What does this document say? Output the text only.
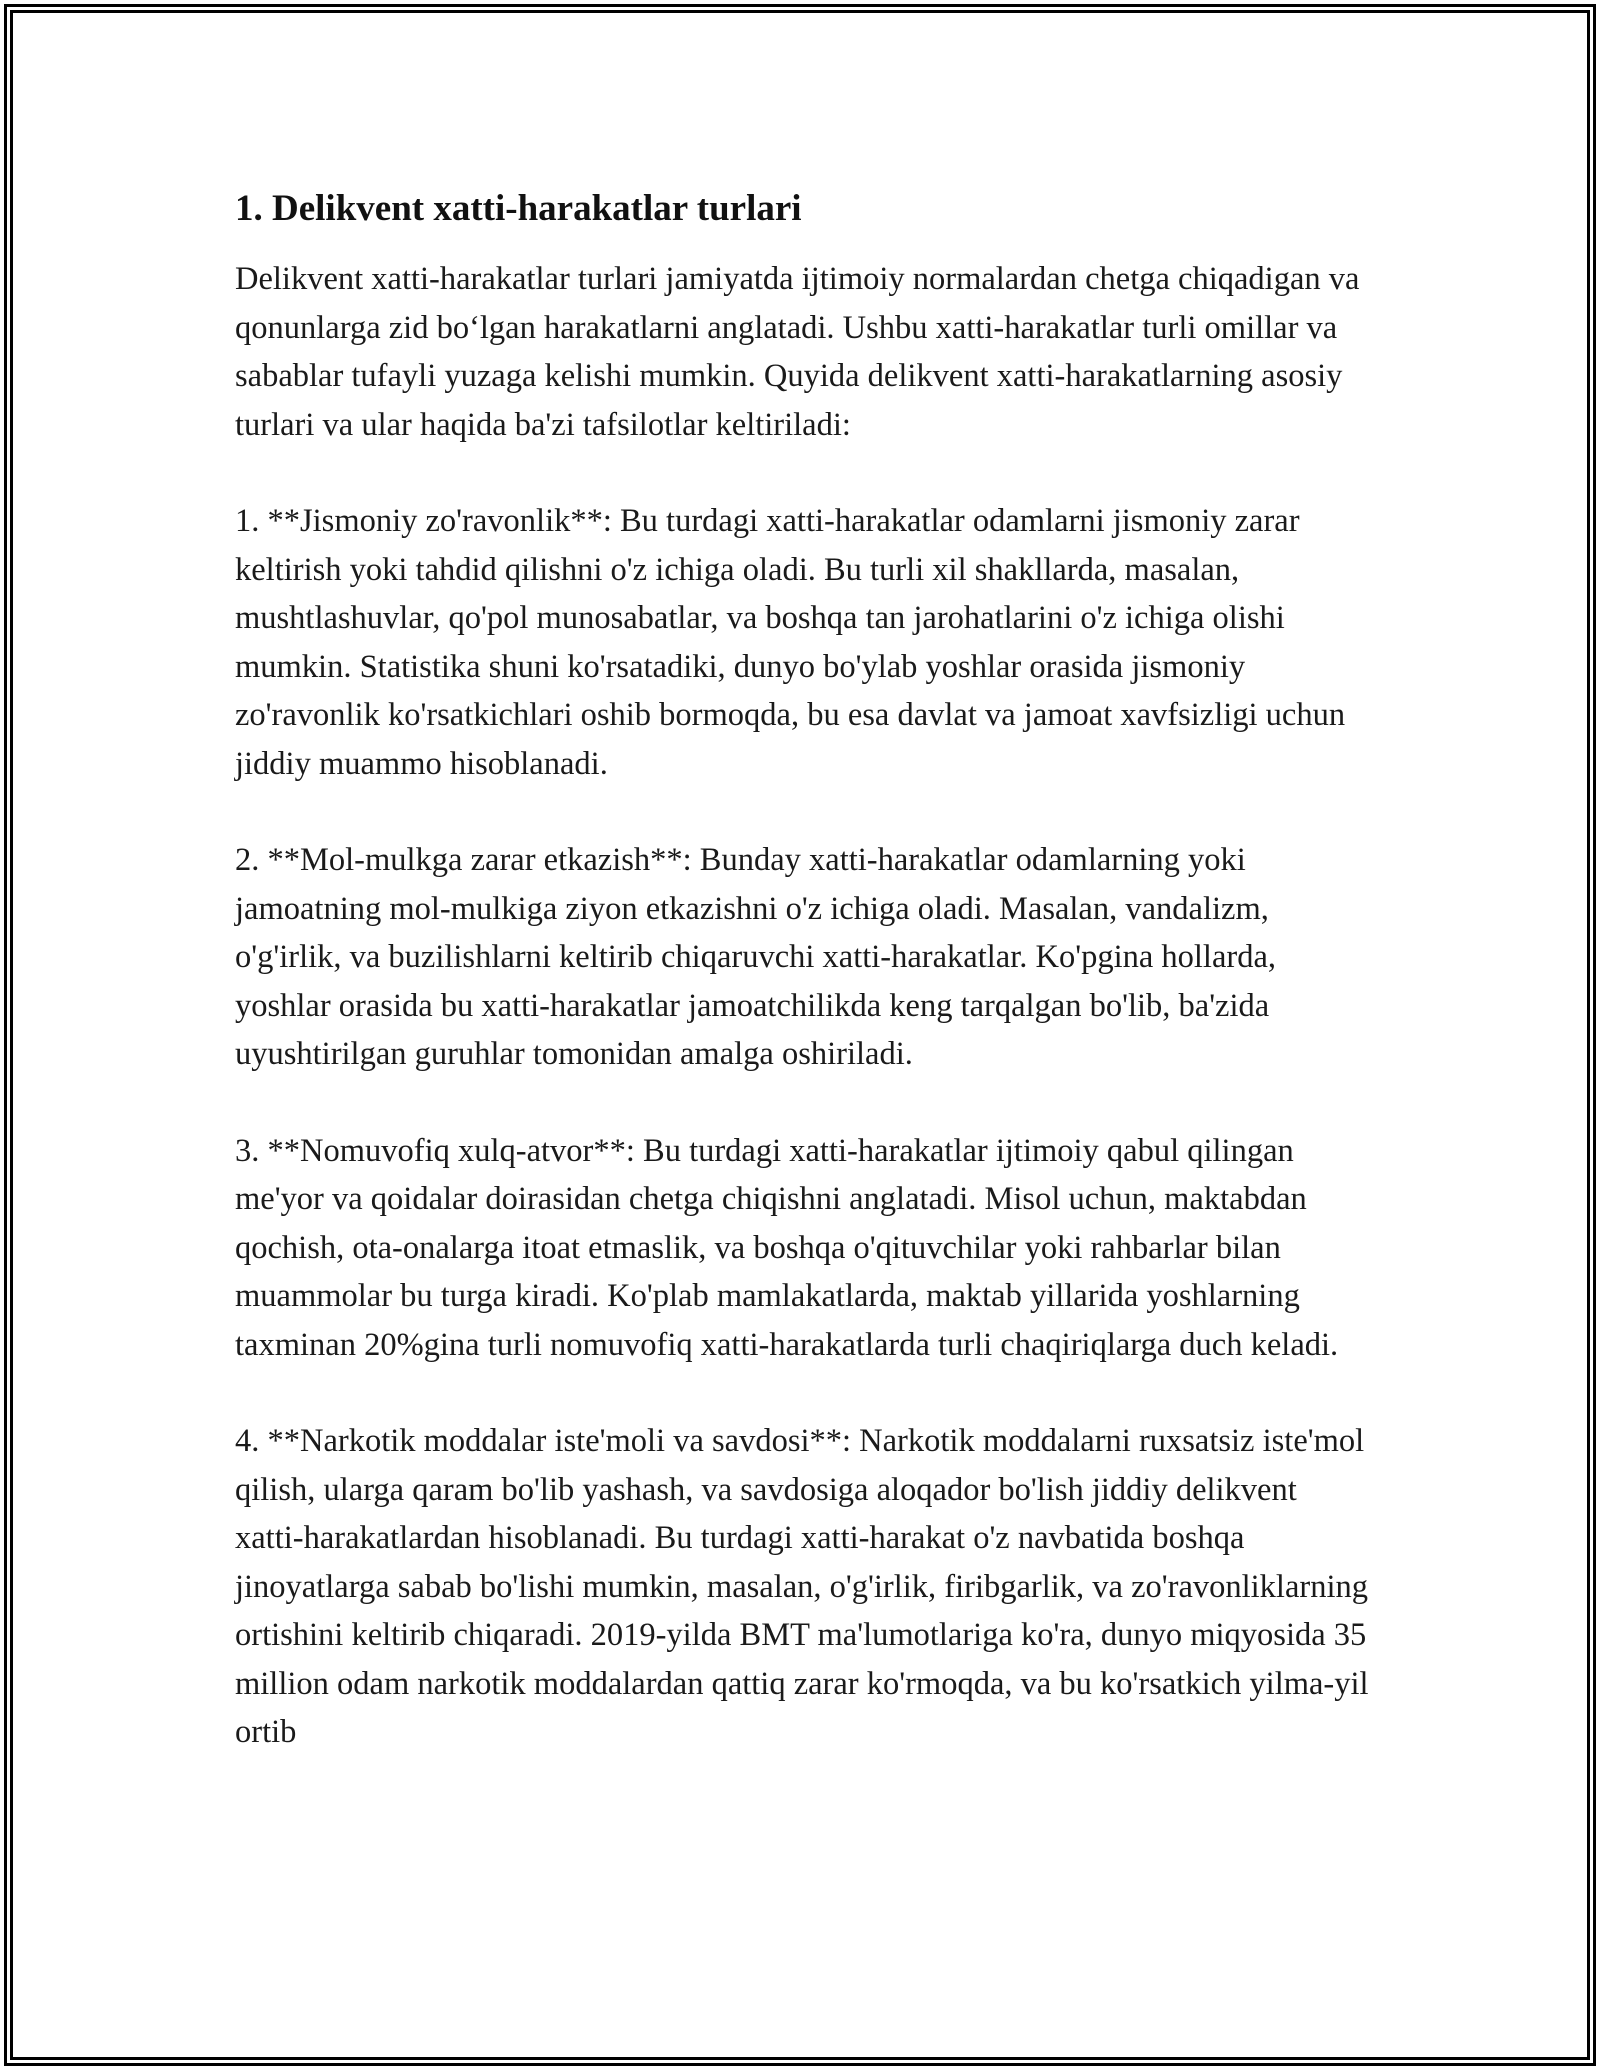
1. Delikvent xatti-harakatlar turlari

Delikvent xatti-harakatlar turlari jamiyatda ijtimoiy normalardan chetga chiqadigan va qonunlarga zid bo‘lgan harakatlarni anglatadi. Ushbu xatti-harakatlar turli omillar va sabablar tufayli yuzaga kelishi mumkin. Quyida delikvent xatti-harakatlarning asosiy turlari va ular haqida ba'zi tafsilotlar keltiriladi:

1. **Jismoniy zo'ravonlik**: Bu turdagi xatti-harakatlar odamlarni jismoniy zarar keltirish yoki tahdid qilishni o'z ichiga oladi. Bu turli xil shakllarda, masalan, mushtlashuvlar, qo'pol munosabatlar, va boshqa tan jarohatlarini o'z ichiga olishi mumkin. Statistika shuni ko'rsatadiki, dunyo bo'ylab yoshlar orasida jismoniy zo'ravonlik ko'rsatkichlari oshib bormoqda, bu esa davlat va jamoat xavfsizligi uchun jiddiy muammo hisoblanadi.

2. **Mol-mulkga zarar etkazish**: Bunday xatti-harakatlar odamlarning yoki jamoatning mol-mulkiga ziyon etkazishni o'z ichiga oladi. Masalan, vandalizm, o'g'irlik, va buzilishlarni keltirib chiqaruvchi xatti-harakatlar. Ko'pgina hollarda, yoshlar orasida bu xatti-harakatlar jamoatchilikda keng tarqalgan bo'lib, ba'zida uyushtirilgan guruhlar tomonidan amalga oshiriladi.

3. **Nomuvofiq xulq-atvor**: Bu turdagi xatti-harakatlar ijtimoiy qabul qilingan me'yor va qoidalar doirasidan chetga chiqishni anglatadi. Misol uchun, maktabdan qochish, ota-onalarga itoat etmaslik, va boshqa o'qituvchilar yoki rahbarlar bilan muammolar bu turga kiradi. Ko'plab mamlakatlarda, maktab yillarida yoshlarning taxminan 20%gina turli nomuvofiq xatti-harakatlarda turli chaqiriqlarga duch keladi.

4. **Narkotik moddalar iste'moli va savdosi**: Narkotik moddalarni ruxsatsiz iste'mol qilish, ularga qaram bo'lib yashash, va savdosiga aloqador bo'lish jiddiy delikvent xatti-harakatlardan hisoblanadi. Bu turdagi xatti-harakat o'z navbatida boshqa jinoyatlarga sabab bo'lishi mumkin, masalan, o'g'irlik, firibgarlik, va zo'ravonliklarning ortishini keltirib chiqaradi. 2019-yilda BMT ma'lumotlariga ko'ra, dunyo miqyosida 35 million odam narkotik moddalardan qattiq zarar ko'rmoqda, va bu ko'rsatkich yilma-yil ortib
